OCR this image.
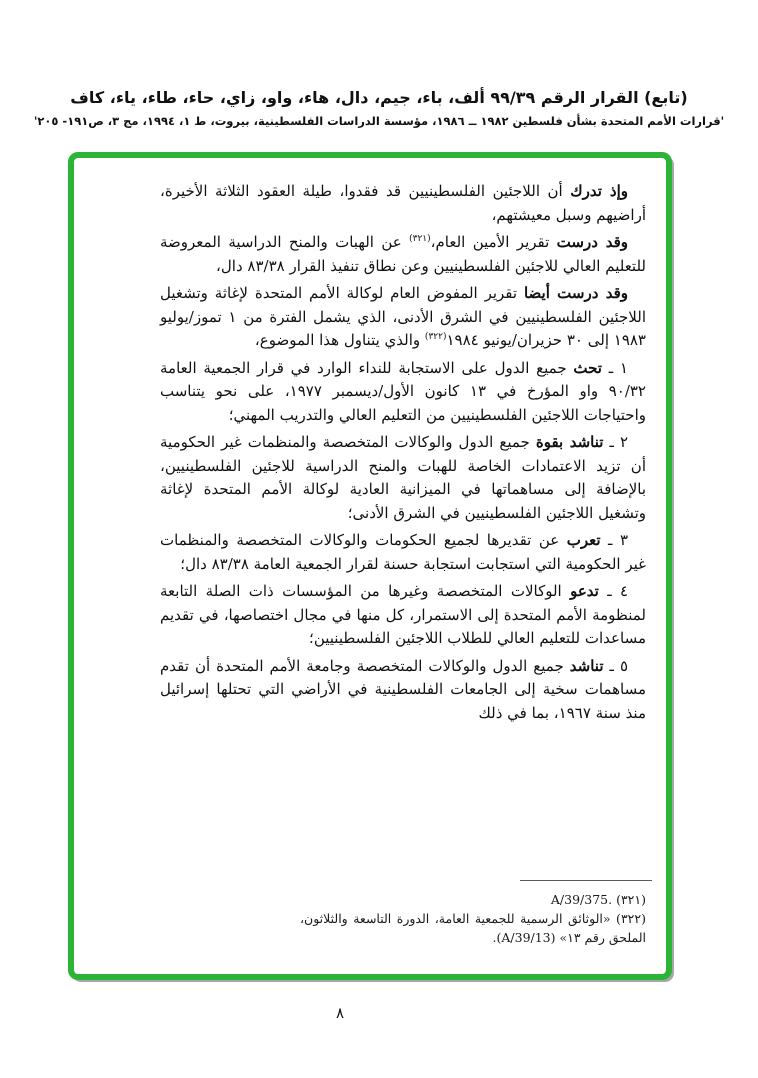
(تابع) القرار الرقم ٩٩/٣٩ ألف، باء، جيم، دال، هاء، واو، زاي، حاء، طاء، ياء، كاف
'قرارات الأمم المتحدة بشأن فلسطين ١٩٨٢ ــ ١٩٨٦، مؤسسة الدراسات الفلسطينية، بيروت، ط ١، ١٩٩٤، مج ٣، ص١٩١- ٢٠٥'

وإذ تدرك أن اللاجئين الفلسطينيين قد فقدوا، طيلة العقود الثلاثة الأخيرة، أراضيهم وسبل معيشتهم،

وقد درست تقرير الأمين العام،$^{(٣٢١)}$ عن الهبات والمنح الدراسية المعروضة للتعليم العالي للاجئين الفلسطينيين وعن نطاق تنفيذ القرار ٨٣/٣٨ دال،

وقد درست أيضا تقرير المفوض العام لوكالة الأمم المتحدة لإغاثة وتشغيل اللاجئين الفلسطينيين في الشرق الأدنى، الذي يشمل الفترة من ١ تموز/يوليو ١٩٨٣ إلى ٣٠ حزيران/يونيو ١٩٨٤$^{(٣٢٢)}$ والذي يتناول هذا الموضوع،

١ ـ تحث جميع الدول على الاستجابة للنداء الوارد في قرار الجمعية العامة ٩٠/٣٢ واو المؤرخ في ١٣ كانون الأول/ديسمبر ١٩٧٧، على نحو يتناسب واحتياجات اللاجئين الفلسطينيين من التعليم العالي والتدريب المهني؛

٢ ـ تناشد بقوة جميع الدول والوكالات المتخصصة والمنظمات غير الحكومية أن تزيد الاعتمادات الخاصة للهبات والمنح الدراسية للاجئين الفلسطينيين، بالإضافة إلى مساهماتها في الميزانية العادية لوكالة الأمم المتحدة لإغاثة وتشغيل اللاجئين الفلسطينيين في الشرق الأدنى؛

٣ ـ تعرب عن تقديرها لجميع الحكومات والوكالات المتخصصة والمنظمات غير الحكومية التي استجابت استجابة حسنة لقرار الجمعية العامة ٨٣/٣٨ دال؛

٤ ـ تدعو الوكالات المتخصصة وغيرها من المؤسسات ذات الصلة التابعة لمنظومة الأمم المتحدة إلى الاستمرار، كل منها في مجال اختصاصها، في تقديم مساعدات للتعليم العالي للطلاب اللاجئين الفلسطينيين؛

٥ ـ تناشد جميع الدول والوكالات المتخصصة وجامعة الأمم المتحدة أن تقدم مساهمات سخية إلى الجامعات الفلسطينية في الأراضي التي تحتلها إسرائيل منذ سنة ١٩٦٧، بما في ذلك

(٣٢١) A/39/375.

(٣٢٢) «الوثائق الرسمية للجمعية العامة، الدورة التاسعة والثلاثون، الملحق رقم ١٣» (A/39/13).

٨
